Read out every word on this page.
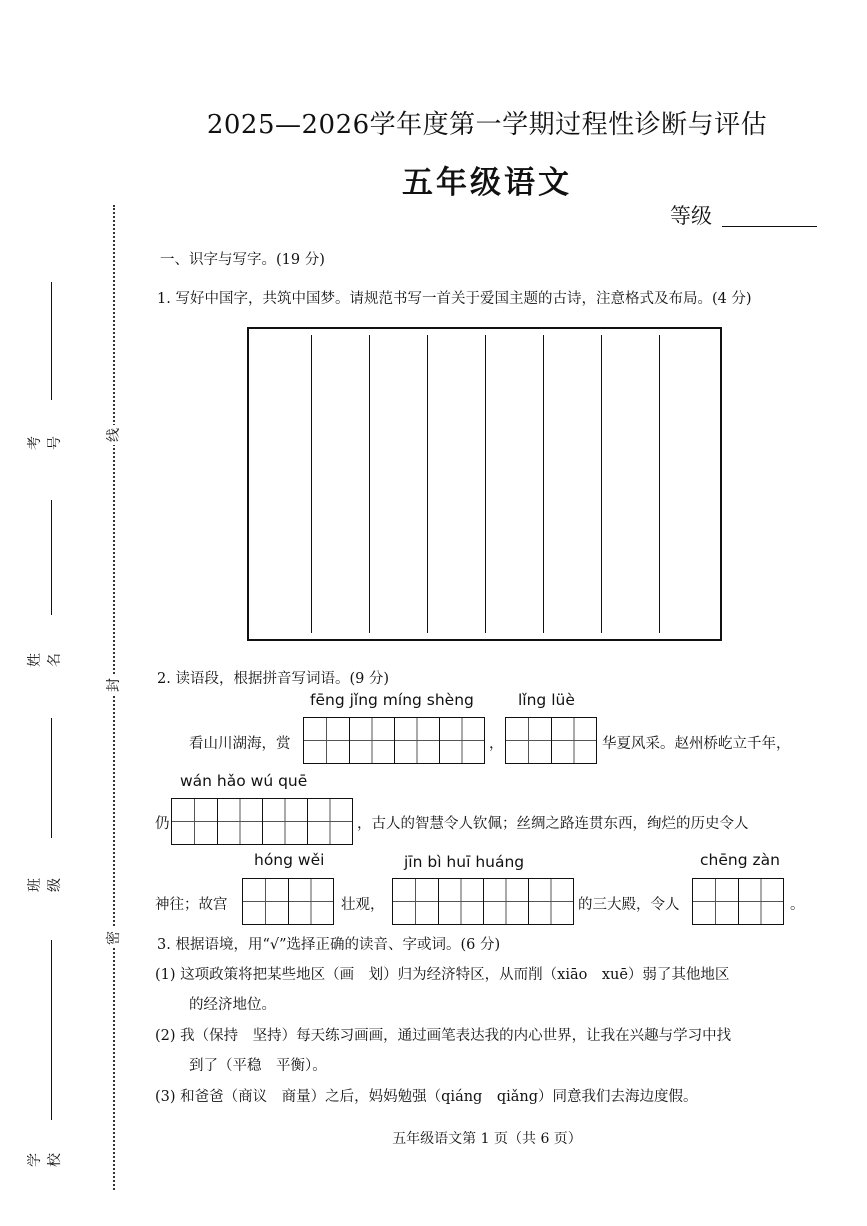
2025—2026学年度第一学期过程性诊断与评估
五年级语文
等级
线
封
密
考号
姓名
班级
学校
一、识字与写字。(19 分)
1. 写好中国字，共筑中国梦。请规范书写一首关于爱国主题的古诗，注意格式及布局。(4 分)
2. 读语段，根据拼音写词语。(9 分)
fēng jǐng míng shèng	lǐng lüè
看山川湖海，赏	，	华夏风采。赵州桥屹立千年，
wán hǎo wú quē
仍	，古人的智慧令人钦佩；丝绸之路连贯东西，绚烂的历史令人
hóng wěi	jīn bì huī huáng	chēng zàn
神往；故宫	壮观，	的三大殿，令人	。
3. 根据语境，用“√”选择正确的读音、字或词。(6 分)
(1) 这项政策将把某些地区（画　划）归为经济特区，从而削（xiāo　xuē）弱了其他地区
的经济地位。
(2) 我（保持　坚持）每天练习画画，通过画笔表达我的内心世界，让我在兴趣与学习中找
到了（平稳　平衡）。
(3) 和爸爸（商议　商量）之后，妈妈勉强（qiáng　qiǎng）同意我们去海边度假。
五年级语文第 1 页（共 6 页）
